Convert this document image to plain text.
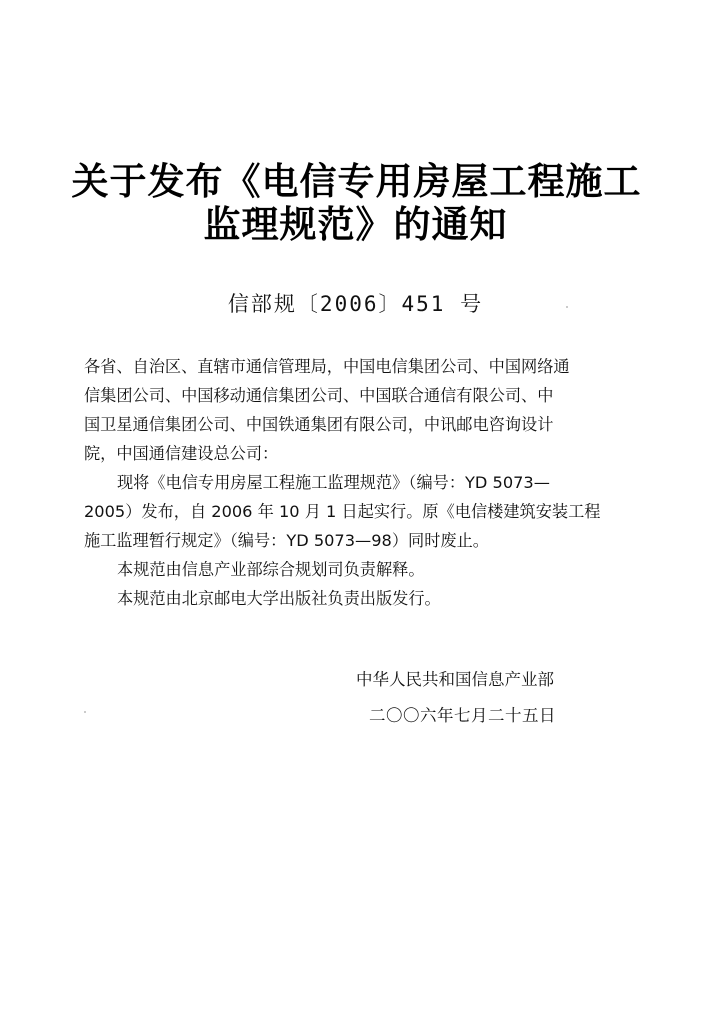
关于发布《电信专用房屋工程施工
监理规范》的通知
信部规〔2006〕451 号
各省、自治区、直辖市通信管理局，中国电信集团公司、中国网络通
信集团公司、中国移动通信集团公司、中国联合通信有限公司、中
国卫星通信集团公司、中国铁通集团有限公司，中讯邮电咨询设计
院，中国通信建设总公司：
现将《电信专用房屋工程施工监理规范》（编号：YD 5073—
2005）发布，自 2006 年 10 月 1 日起实行。原《电信楼建筑安装工程
施工监理暂行规定》（编号：YD 5073—98）同时废止。
本规范由信息产业部综合规划司负责解释。
本规范由北京邮电大学出版社负责出版发行。
中华人民共和国信息产业部
二〇〇六年七月二十五日
